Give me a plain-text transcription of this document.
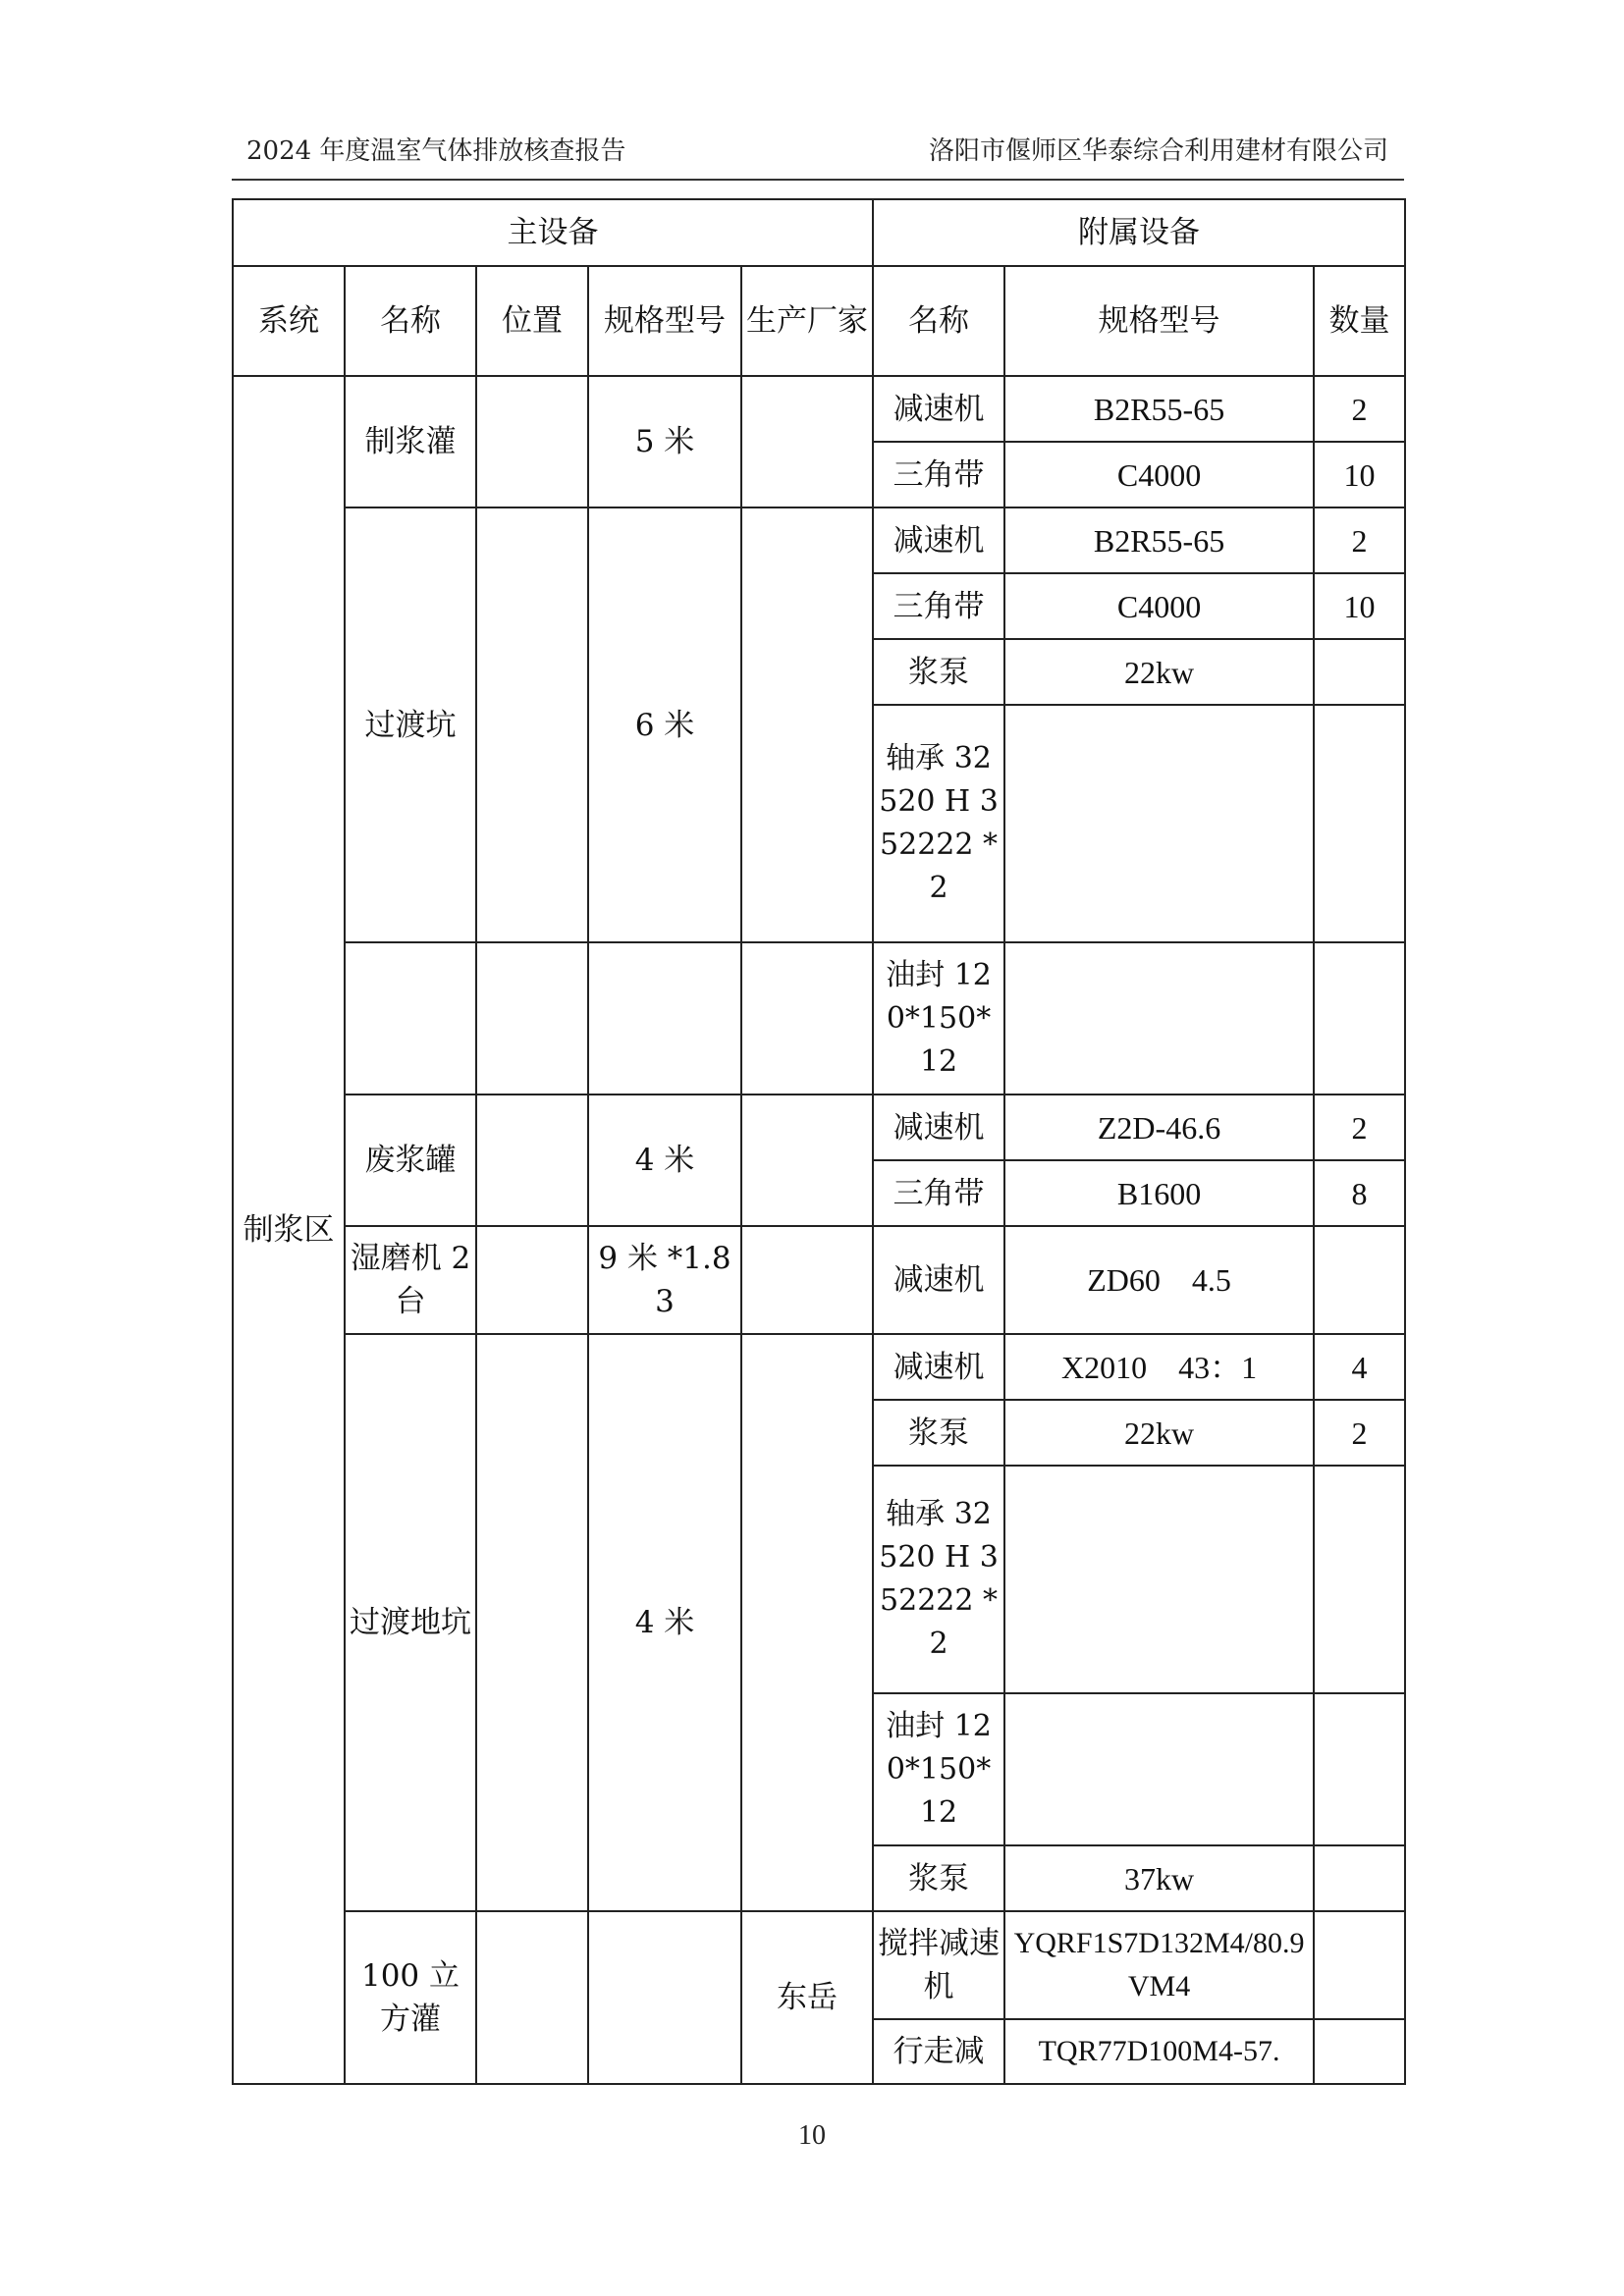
2024 年度温室气体排放核查报告	洛阳市偃师区华泰综合利用建材有限公司
主设备					附属设备		
系统	名称	位置	规格型号	生产厂家	名称	规格型号	数量
制浆区	制浆灌		5 米		减速机	B2R55-65	2
					三角带	C4000	10
	过渡坑		6 米		减速机	B2R55-65	2
					三角带	C4000	10
					浆泵	22kw	
					轴承 32520 H 352222 *2		
					油封 120*150*12		
	废浆罐		4 米		减速机	Z2D-46.6	2
					三角带	B1600	8
	湿磨机 2 台		9 米 *1.83		减速机	ZD60　4.5	
	过渡地坑		4 米		减速机	X2010　43：1	4
					浆泵	22kw	2
					轴承 32520 H 352222 *2		
					油封 120*150*12		
					浆泵	37kw	
	100 立方灌			东岳	搅拌减速机	YQRF1S7D132M4/80.9VM4	
					行走减	TQR77D100M4-57.	
10
